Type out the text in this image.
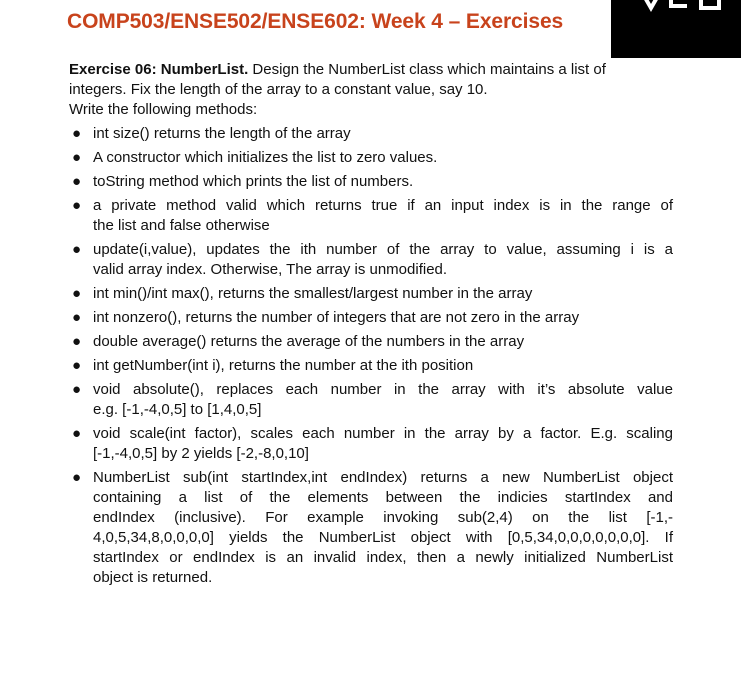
COMP503/ENSE502/ENSE602: Week 4 – Exercises

Exercise 06: NumberList. Design the NumberList class which maintains a list of
integers. Fix the length of the array to a constant value, say 10.
Write the following methods:

● int size() returns the length of the array
● A constructor which initializes the list to zero values.
● toString method which prints the list of numbers.
● a private method valid which returns true if an input index is in the range of
the list and false otherwise
● update(i,value), updates the ith number of the array to value, assuming i is a
valid array index. Otherwise, The array is unmodified.
● int min()/int max(), returns the smallest/largest number in the array
● int nonzero(), returns the number of integers that are not zero in the array
● double average() returns the average of the numbers in the array
● int getNumber(int i), returns the number at the ith position
● void absolute(), replaces each number in the array with it’s absolute value
e.g. [-1,-4,0,5] to [1,4,0,5]
● void scale(int factor), scales each number in the array by a factor. E.g. scaling
[-1,-4,0,5] by 2 yields [-2,-8,0,10]
● NumberList sub(int startIndex,int endIndex) returns a new NumberList object
containing a list of the elements between the indicies startIndex and
endIndex (inclusive). For example invoking sub(2,4) on the list [-1,-
4,0,5,34,8,0,0,0,0] yields the NumberList object with [0,5,34,0,0,0,0,0,0,0]. If
startIndex or endIndex is an invalid index, then a newly initialized NumberList
object is returned.
